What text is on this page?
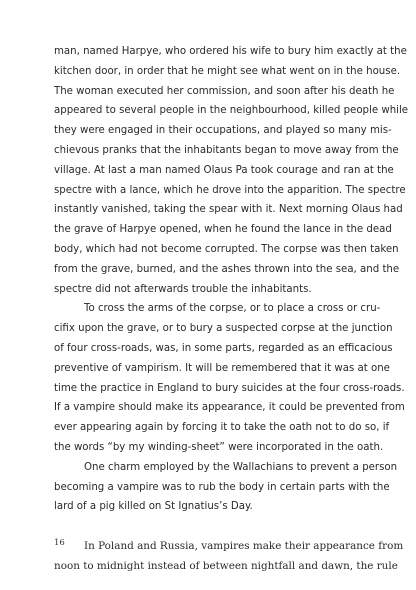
man, named Harpye, who ordered his wife to bury him exactly at the
kitchen door, in order that he might see what went on in the house.
The woman executed her commission, and soon after his death he
appeared to several people in the neighbourhood, killed people while
they were engaged in their occupations, and played so many mis-
chievous pranks that the inhabitants began to move away from the
village. At last a man named Olaus Pa took courage and ran at the
spectre with a lance, which he drove into the apparition. The spectre
instantly vanished, taking the spear with it. Next morning Olaus had
the grave of Harpye opened, when he found the lance in the dead
body, which had not become corrupted. The corpse was then taken
from the grave, burned, and the ashes thrown into the sea, and the
spectre did not afterwards trouble the inhabitants.
To cross the arms of the corpse, or to place a cross or cru-
cifix upon the grave, or to bury a suspected corpse at the junction
of four cross-roads, was, in some parts, regarded as an efficacious
preventive of vampirism. It will be remembered that it was at one
time the practice in England to bury suicides at the four cross-roads.
If a vampire should make its appearance, it could be prevented from
ever appearing again by forcing it to take the oath not to do so, if
the words “by my winding-sheet” were incorporated in the oath.
One charm employed by the Wallachians to prevent a person
becoming a vampire was to rub the body in certain parts with the
lard of a pig killed on St Ignatius’s Day.
In Poland and Russia, vampires make their appearance from
noon to midnight instead of between nightfall and dawn, the rule
16
